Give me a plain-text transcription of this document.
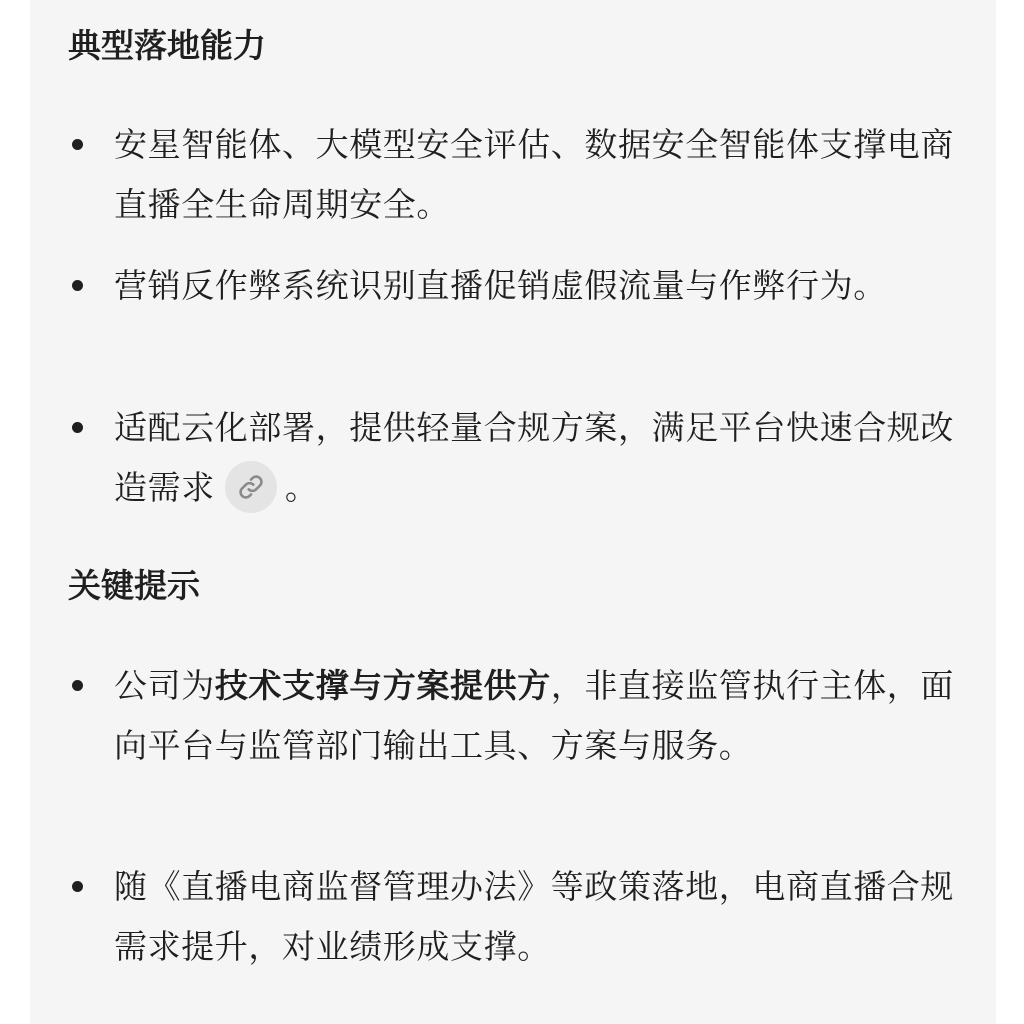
典型落地能力
安星智能体、大模型安全评估、数据安全智能体支撑电商直播全生命周期安全。
营销反作弊系统识别直播促销虚假流量与作弊行为。
适配云化部署，提供轻量合规方案，满足平台快速合规改造需求 。
关键提示
公司为技术支撑与方案提供方，非直接监管执行主体，面向平台与监管部门输出工具、方案与服务。
随《直播电商监督管理办法》等政策落地，电商直播合规需求提升，对业绩形成支撑。
